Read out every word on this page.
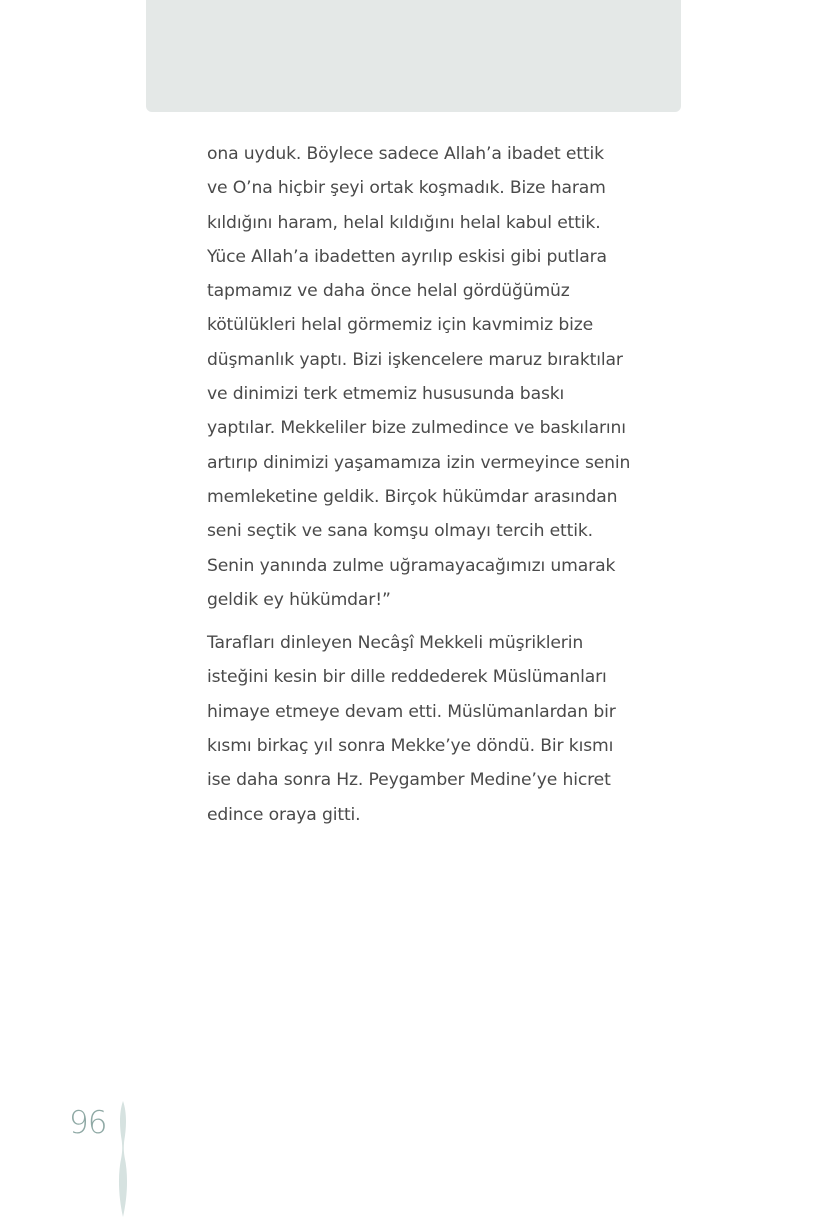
ona uyduk. Böylece sadece Allah’a ibadet ettik
ve O’na hiçbir şeyi ortak koşmadık. Bize haram
kıldığını haram, helal kıldığını helal kabul ettik.
Yüce Allah’a ibadetten ayrılıp eskisi gibi putlara
tapmamız ve daha önce helal gördüğümüz
kötülükleri helal görmemiz için kavmimiz bize
düşmanlık yaptı. Bizi işkencelere maruz bıraktılar
ve dinimizi terk etmemiz hususunda baskı
yaptılar. Mekkeliler bize zulmedince ve baskılarını
artırıp dinimizi yaşamamıza izin vermeyince senin
memleketine geldik. Birçok hükümdar arasından
seni seçtik ve sana komşu olmayı tercih ettik.
Senin yanında zulme uğramayacağımızı umarak
geldik ey hükümdar!”

Tarafları dinleyen Necâşî Mekkeli müşriklerin
isteğini kesin bir dille reddederek Müslümanları
himaye etmeye devam etti. Müslümanlardan bir
kısmı birkaç yıl sonra Mekke’ye döndü. Bir kısmı
ise daha sonra Hz. Peygamber Medine’ye hicret
edince oraya gitti.

96
